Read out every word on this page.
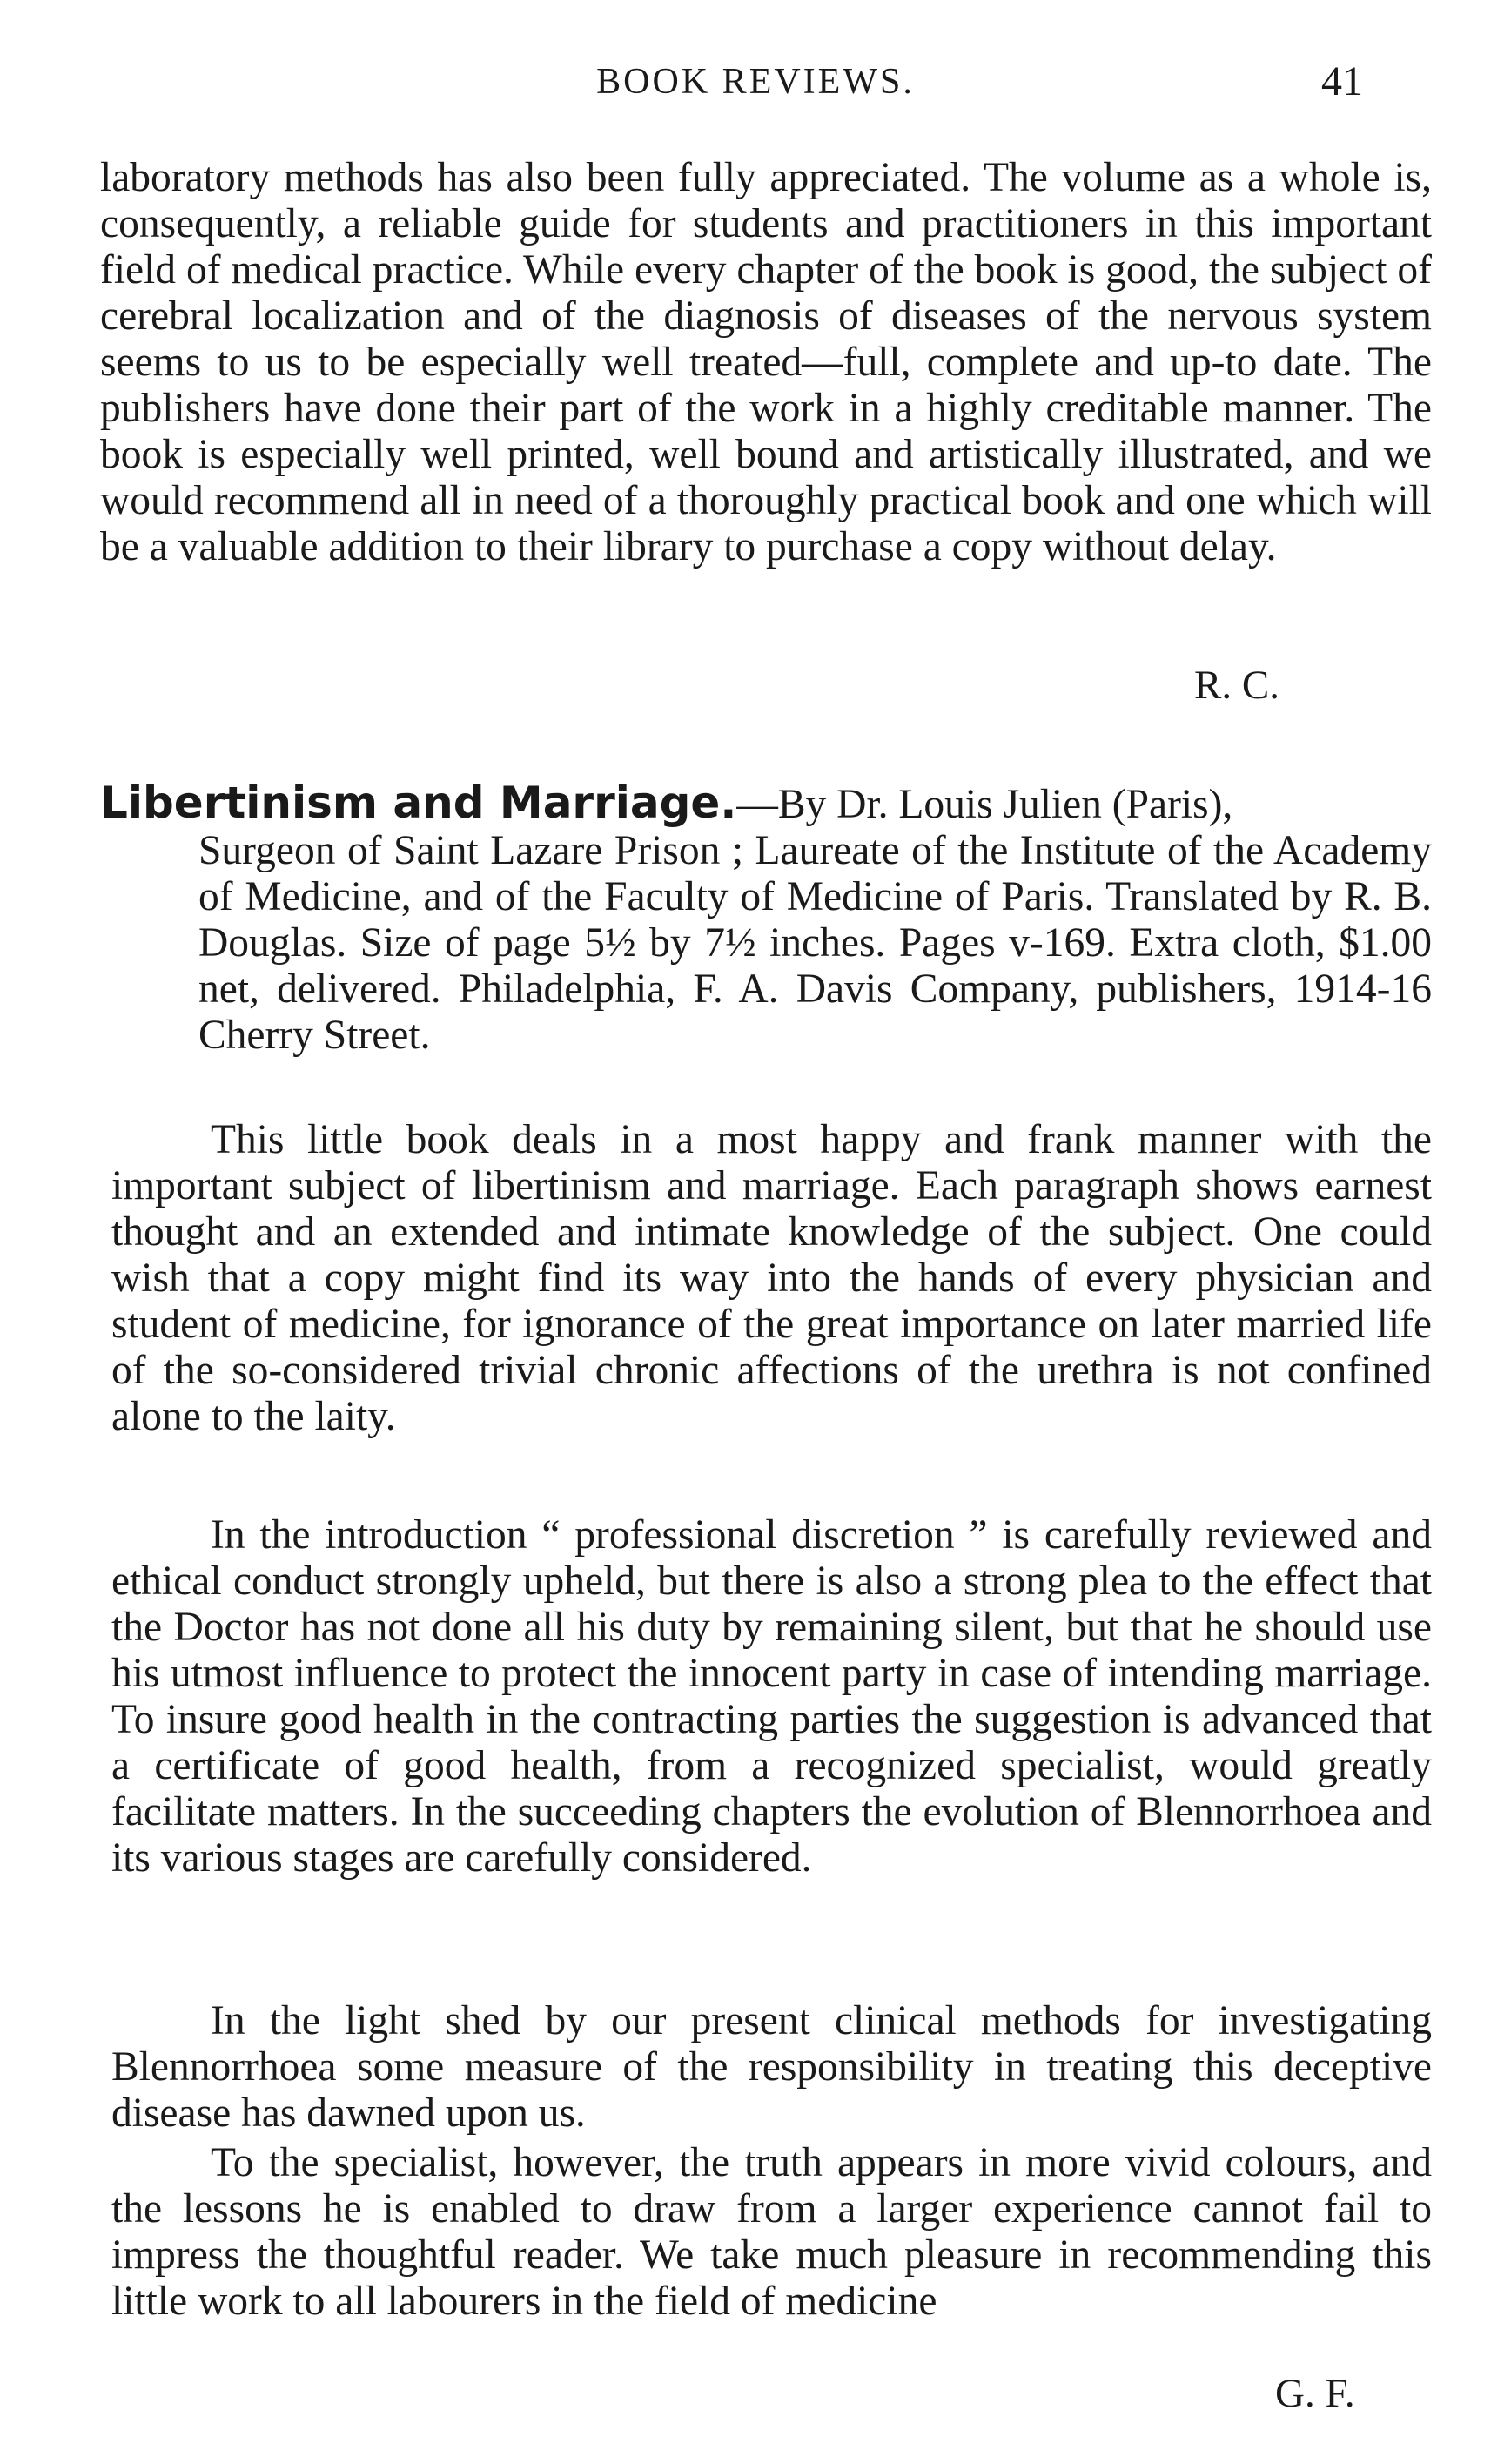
BOOK REVIEWS.	41

laboratory methods has also been fully appreciated. The volume as a whole is, consequently, a reliable guide for students and practitioners in this important field of medical practice. While every chapter of the book is good, the subject of cerebral localization and of the diagnosis of diseases of the nervous system seems to us to be especially well treated—full, complete and up-to date. The publishers have done their part of the work in a highly creditable manner. The book is especially well printed, well bound and artistically illustrated, and we would recommend all in need of a thoroughly practical book and one which will be a valuable addition to their library to purchase a copy without delay.

R. C.
Libertinism and Marriage.—By Dr. Louis Julien (Paris),
Surgeon of Saint Lazare Prison ; Laureate of the Institute of the Academy of Medicine, and of the Faculty of Medicine of Paris. Translated by R. B. Douglas. Size of page 5½ by 7½ inches. Pages v-169. Extra cloth, $1.00 net, delivered. Philadelphia, F. A. Davis Company, publishers, 1914-16 Cherry Street.

This little book deals in a most happy and frank manner with the important subject of libertinism and marriage. Each paragraph shows earnest thought and an extended and intimate knowledge of the subject. One could wish that a copy might find its way into the hands of every physician and student of medicine, for ignorance of the great importance on later married life of the so-considered trivial chronic affections of the urethra is not confined alone to the laity.

In the introduction “ professional discretion ” is carefully reviewed and ethical conduct strongly upheld, but there is also a strong plea to the effect that the Doctor has not done all his duty by remaining silent, but that he should use his utmost influence to protect the innocent party in case of intending marriage. To insure good health in the contracting parties the suggestion is advanced that a certificate of good health, from a recognized specialist, would greatly facilitate matters. In the succeeding chapters the evolution of Blennorrhoea and its various stages are carefully considered.

In the light shed by our present clinical methods for investigating Blennorrhoea some measure of the responsibility in treating this deceptive disease has dawned upon us.

To the specialist, however, the truth appears in more vivid colours, and the lessons he is enabled to draw from a larger experience cannot fail to impress the thoughtful reader. We take much pleasure in recommending this little work to all labourers in the field of medicine

G. F.
